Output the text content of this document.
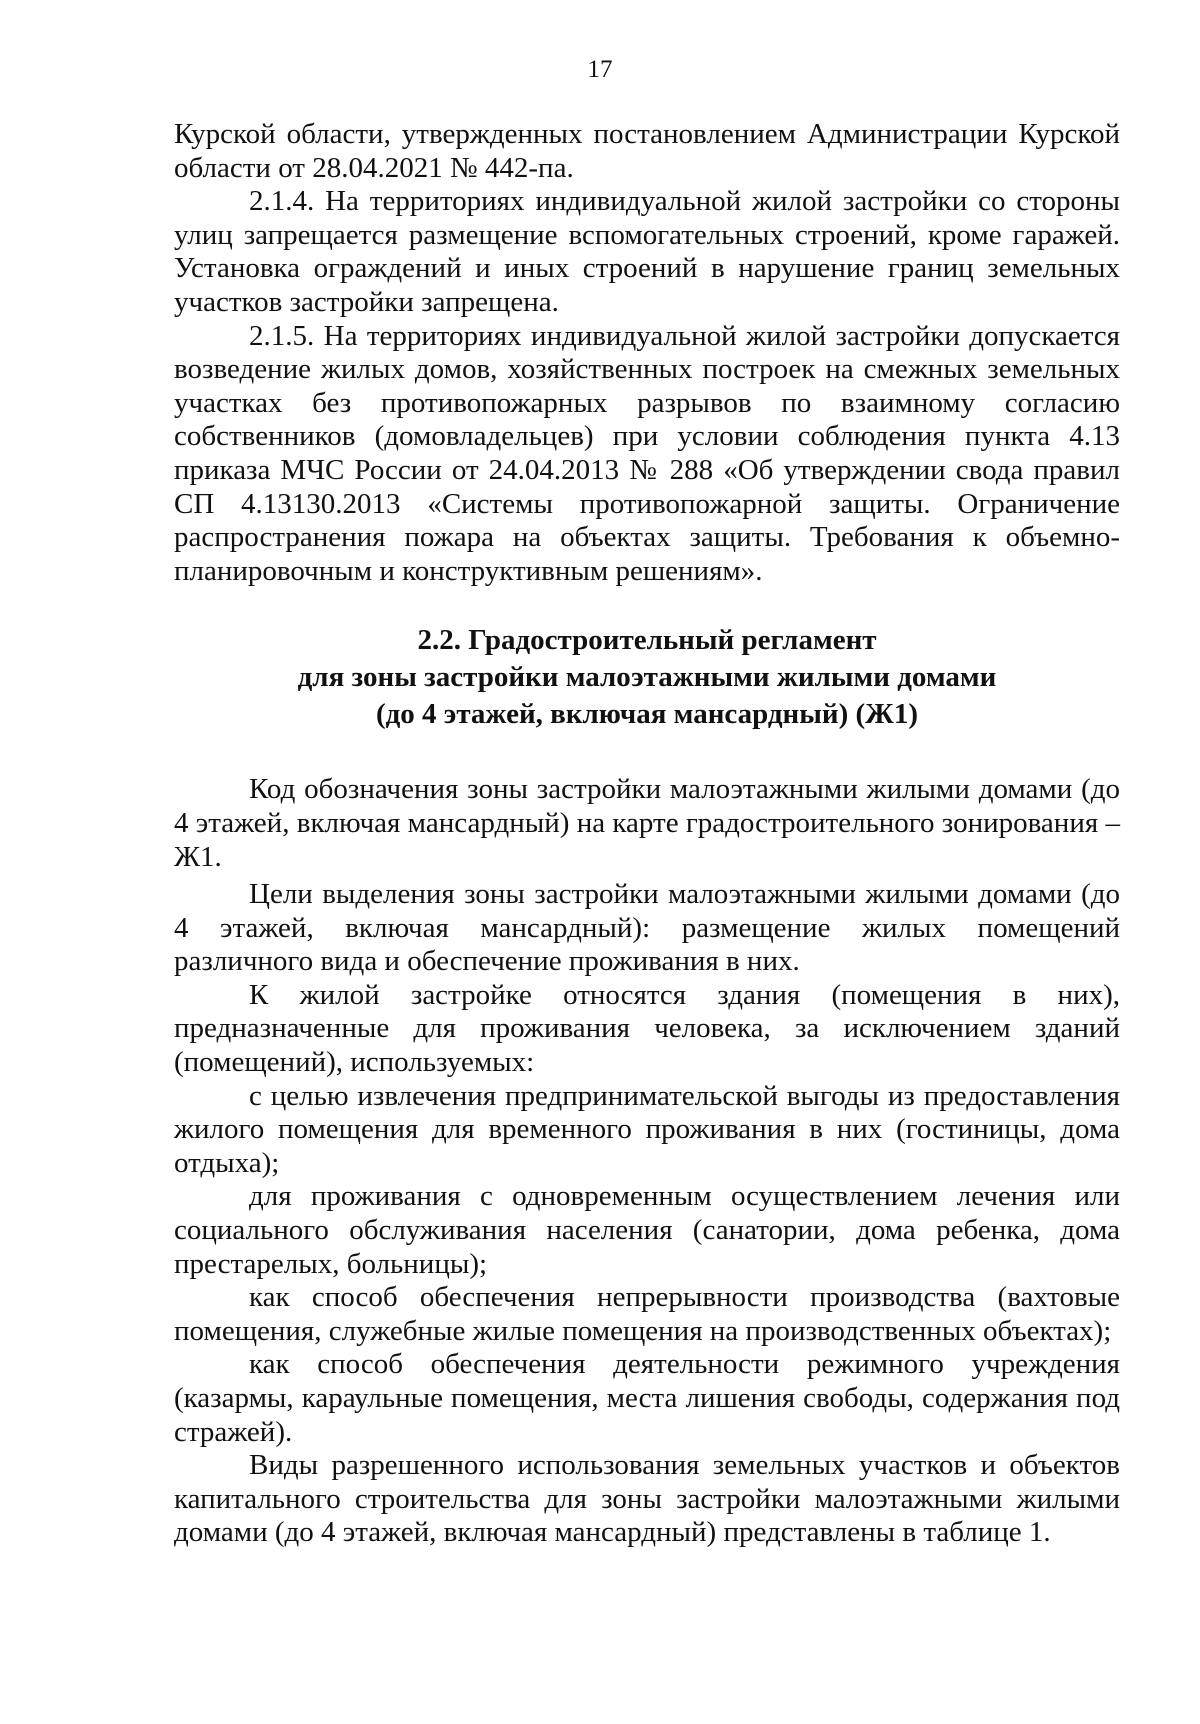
17

Курской области, утвержденных постановлением Администрации Курской области от 28.04.2021 № 442-па.

2.1.4. На территориях индивидуальной жилой застройки со стороны улиц запрещается размещение вспомогательных строений, кроме гаражей. Установка ограждений и иных строений в нарушение границ земельных участков застройки запрещена.

2.1.5. На территориях индивидуальной жилой застройки допускается возведение жилых домов, хозяйственных построек на смежных земельных участках без противопожарных разрывов по взаимному согласию собственников (домовладельцев) при условии соблюдения пункта 4.13 приказа МЧС России от 24.04.2013 № 288 «Об утверждении свода правил СП 4.13130.2013 «Системы противопожарной защиты. Ограничение распространения пожара на объектах защиты. Требования к объемно-планировочным и конструктивным решениям».

2.2. Градостроительный регламент
для зоны застройки малоэтажными жилыми домами
(до 4 этажей, включая мансардный) (Ж1)

Код обозначения зоны застройки малоэтажными жилыми домами (до 4 этажей, включая мансардный) на карте градостроительного зонирования – Ж1.

Цели выделения зоны застройки малоэтажными жилыми домами (до 4 этажей, включая мансардный): размещение жилых помещений различного вида и обеспечение проживания в них.

К жилой застройке относятся здания (помещения в них), предназначенные для проживания человека, за исключением зданий (помещений), используемых:

с целью извлечения предпринимательской выгоды из предоставления жилого помещения для временного проживания в них (гостиницы, дома отдыха);

для проживания с одновременным осуществлением лечения или социального обслуживания населения (санатории, дома ребенка, дома престарелых, больницы);

как способ обеспечения непрерывности производства (вахтовые помещения, служебные жилые помещения на производственных объектах);

как способ обеспечения деятельности режимного учреждения (казармы, караульные помещения, места лишения свободы, содержания под стражей).

Виды разрешенного использования земельных участков и объектов капитального строительства для зоны застройки малоэтажными жилыми домами (до 4 этажей, включая мансардный) представлены в таблице 1.
